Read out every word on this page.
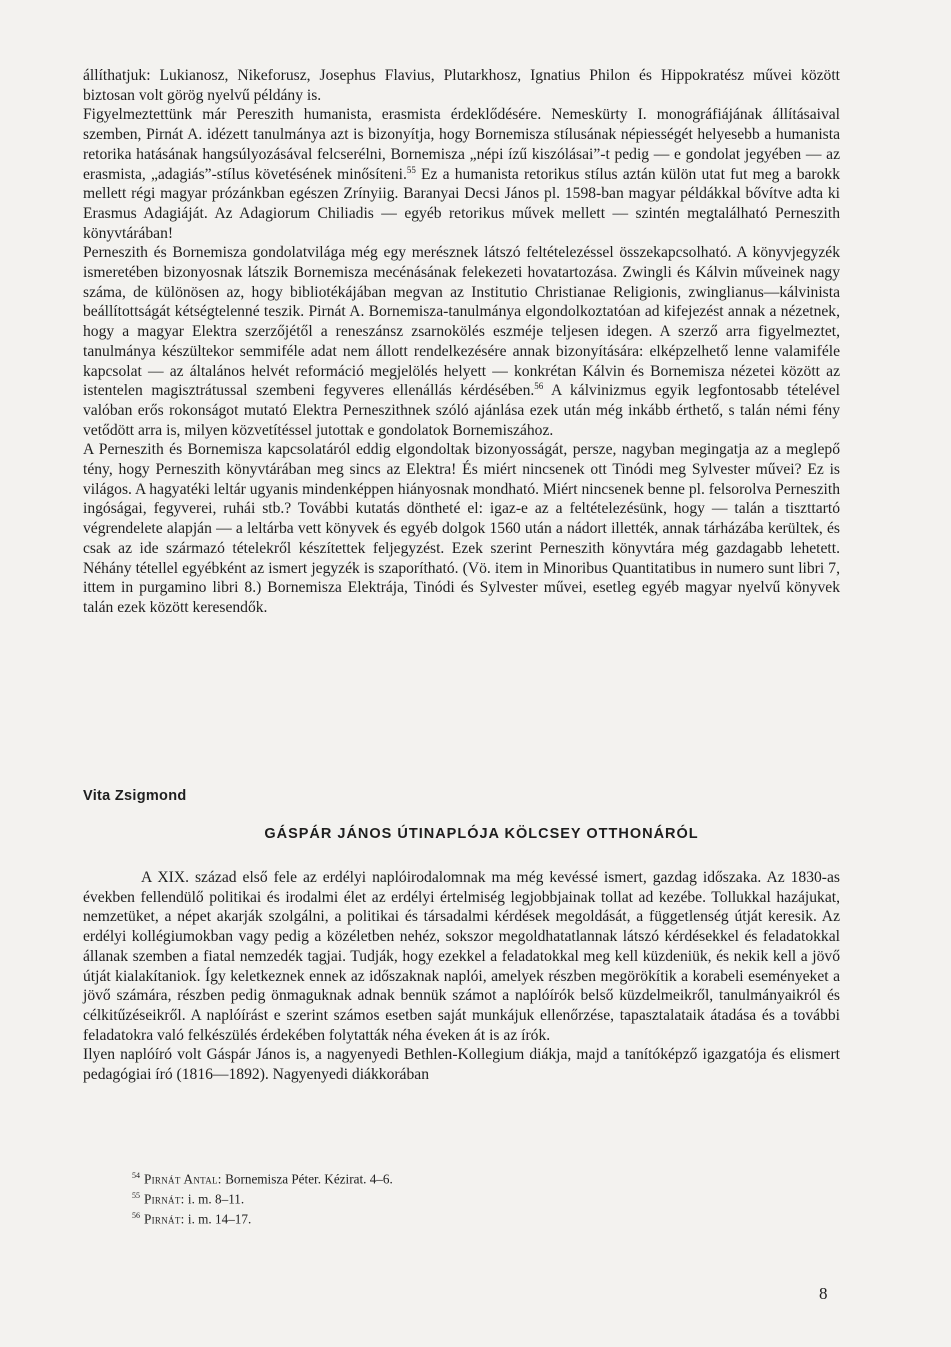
állíthatjuk: Lukianosz, Nikeforusz, Josephus Flavius, Plutarkhosz, Ignatius Philon és Hippokratész művei között biztosan volt görög nyelvű példány is.

Figyelmeztettünk már Pereszith humanista, erasmista érdeklődésére. Nemeskürty I. monográfiájának állításaival szemben, Pirnát A. idézett tanulmánya azt is bizonyítja, hogy Bornemisza stílusának népiességét helyesebb a humanista retorika hatásának hangsúlyozásával felcserélni, Bornemisza „népi ízű kiszólásai”-t pedig — e gondolat jegyében — az erasmista, „adagiás”-stílus követésének minősíteni.$^{55}$ Ez a humanista retorikus stílus aztán külön utat fut meg a barokk mellett régi magyar prózánkban egészen Zrínyiig. Baranyai Decsi János pl. 1598-ban magyar példákkal bővítve adta ki Erasmus Adagiáját. Az Adagiorum Chiliadis — egyéb retorikus művek mellett — szintén megtalálható Perneszith könyvtárában!

Perneszith és Bornemisza gondolatvilága még egy merésznek látszó feltételezéssel összekapcsolható. A könyvjegyzék ismeretében bizonyosnak látszik Bornemisza mecénásának felekezeti hovatartozása. Zwingli és Kálvin műveinek nagy száma, de különösen az, hogy bibliotékájában megvan az Institutio Christianae Religionis, zwinglianus—kálvinista beállítottságát kétségtelenné teszik. Pirnát A. Bornemisza-tanulmánya elgondolkoztatóan ad kifejezést annak a nézetnek, hogy a magyar Elektra szerzőjétől a reneszánsz zsarnokölés eszméje teljesen idegen. A szerző arra figyelmeztet, tanulmánya készültekor semmiféle adat nem állott rendelkezésére annak bizonyítására: elképzelhető lenne valamiféle kapcsolat — az általános helvét reformáció megjelölés helyett — konkrétan Kálvin és Bornemisza nézetei között az istentelen magisztrátussal szembeni fegyveres ellenállás kérdésében.$^{56}$ A kálvinizmus egyik legfontosabb tételével valóban erős rokonságot mutató Elektra Perneszithnek szóló ajánlása ezek után még inkább érthető, s talán némi fény vetődött arra is, milyen közvetítéssel jutottak e gondolatok Bornemiszához.

A Perneszith és Bornemisza kapcsolatáról eddig elgondoltak bizonyosságát, persze, nagyban megingatja az a meglepő tény, hogy Perneszith könyvtárában meg sincs az Elektra! És miért nincsenek ott Tinódi meg Sylvester művei? Ez is világos. A hagyatéki leltár ugyanis mindenképpen hiányosnak mondható. Miért nincsenek benne pl. felsorolva Perneszith ingóságai, fegyverei, ruhái stb.? További kutatás döntheté el: igaz-e az a feltételezésünk, hogy — talán a tiszttartó végrendelete alapján — a leltárba vett könyvek és egyéb dolgok 1560 után a nádort illették, annak tárházába kerültek, és csak az ide származó tételekről készítettek feljegyzést. Ezek szerint Perneszith könyvtára még gazdagabb lehetett. Néhány tétellel egyébként az ismert jegyzék is szaporítható. (Vö. item in Minoribus Quantitatibus in numero sunt libri 7, ittem in purgamino libri 8.) Bornemisza Elektrája, Tinódi és Sylvester művei, esetleg egyéb magyar nyelvű könyvek talán ezek között keresendők.

Vita Zsigmond
GÁSPÁR JÁNOS ÚTINAPLÓJA KÖLCSEY OTTHONÁRÓL

A XIX. század első fele az erdélyi naplóirodalomnak ma még kevéssé ismert, gazdag időszaka. Az 1830-as években fellendülő politikai és irodalmi élet az erdélyi értelmiség legjobbjainak tollat ad kezébe. Tollukkal hazájukat, nemzetüket, a népet akarják szolgálni, a politikai és társadalmi kérdések megoldását, a függetlenség útját keresik. Az erdélyi kollégiumokban vagy pedig a közéletben nehéz, sokszor megoldhatatlannak látszó kérdésekkel és feladatokkal állanak szemben a fiatal nemzedék tagjai. Tudják, hogy ezekkel a feladatokkal meg kell küzdeniük, és nekik kell a jövő útját kialakítaniok. Így keletkeznek ennek az időszaknak naplói, amelyek részben megörökítik a korabeli eseményeket a jövő számára, részben pedig önmaguknak adnak bennük számot a naplóírók belső küzdelmeikről, tanulmányaikról és célkitűzéseikről. A naplóírást e szerint számos esetben saját munkájuk ellenőrzése, tapasztalataik átadása és a további feladatokra való felkészülés érdekében folytatták néha éveken át is az írók.

Ilyen naplóíró volt Gáspár János is, a nagyenyedi Bethlen-Kollegium diákja, majd a tanítóképző igazgatója és elismert pedagógiai író (1816—1892). Nagyenyedi diákkorában

$^{54}$ Pirnát Antal: Bornemisza Péter. Kézirat. 4–6.
$^{55}$ Pirnát: i. m. 8–11.
$^{56}$ Pirnát: i. m. 14–17.
8
